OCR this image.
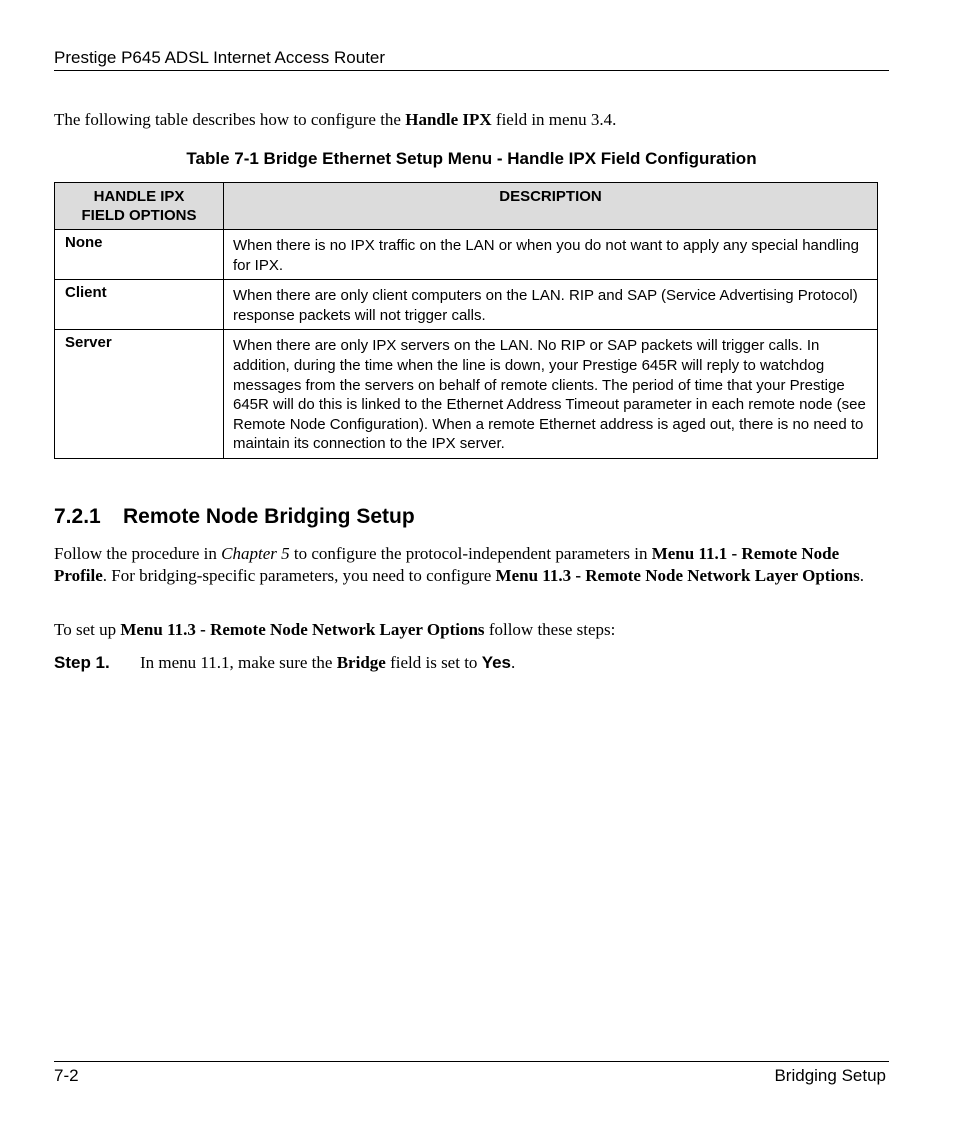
Prestige P645 ADSL Internet Access Router
The following table describes how to configure the Handle IPX field in menu 3.4.
Table 7-1 Bridge Ethernet Setup Menu - Handle IPX Field Configuration
HANDLE IPX
FIELD OPTIONS	DESCRIPTION
None	When there is no IPX traffic on the LAN or when you do not want to apply any special handling for IPX.
Client	When there are only client computers on the LAN. RIP and SAP (Service Advertising Protocol) response packets will not trigger calls.
Server	When there are only IPX servers on the LAN. No RIP or SAP packets will trigger calls. In addition, during the time when the line is down, your Prestige 645R will reply to watchdog messages from the servers on behalf of remote clients. The period of time that your Prestige 645R will do this is linked to the Ethernet Address Timeout parameter in each remote node (see Remote Node Configuration). When a remote Ethernet address is aged out, there is no need to maintain its connection to the IPX server.
7.2.1 Remote Node Bridging Setup
Follow the procedure in Chapter 5 to configure the protocol-independent parameters in Menu 11.1 - Remote Node Profile. For bridging-specific parameters, you need to configure Menu 11.3 - Remote Node Network Layer Options.
To set up Menu 11.3 - Remote Node Network Layer Options follow these steps:
Step 1. In menu 11.1, make sure the Bridge field is set to Yes.
7-2	Bridging Setup
